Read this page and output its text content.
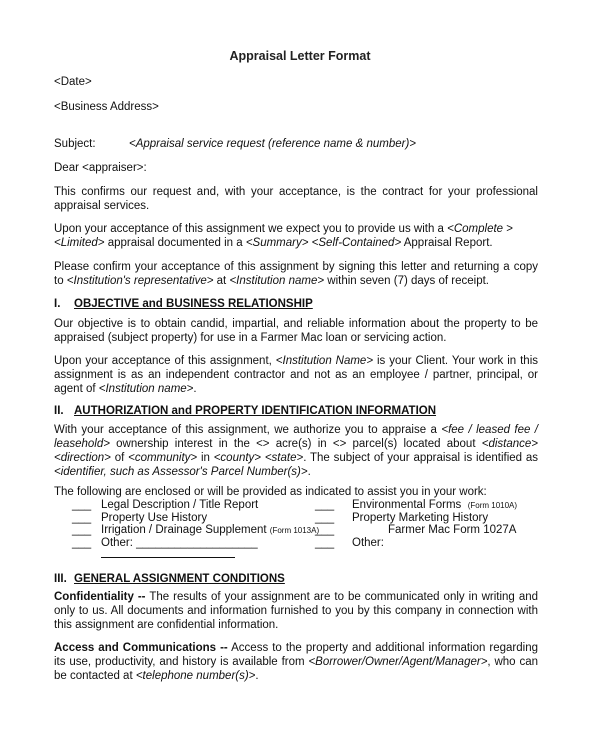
Appraisal Letter Format
<Date>
<Business Address>
Subject:	<Appraisal service request (reference name & number)>
Dear <appraiser>:
This confirms our request and, with your acceptance, is the contract for your professional appraisal services.
Upon your acceptance of this assignment we expect you to provide us with a <Complete >
<Limited> appraisal documented in a <Summary> <Self-Contained> Appraisal Report.
Please confirm your acceptance of this assignment by signing this letter and returning a copy to <Institution's representative> at <Institution name> within seven (7) days of receipt.
I. OBJECTIVE and BUSINESS RELATIONSHIP
Our objective is to obtain candid, impartial, and reliable information about the property to be appraised (subject property) for use in a Farmer Mac loan or servicing action.
Upon your acceptance of this assignment, <Institution Name> is your Client. Your work in this assignment is as an independent contractor and not as an employee / partner, principal, or agent of <Institution name>.
II. AUTHORIZATION and PROPERTY IDENTIFICATION INFORMATION
With your acceptance of this assignment, we authorize you to appraise a <fee / leased fee / leasehold> ownership interest in the <> acre(s) in <> parcel(s) located about <distance> <direction> of <community> in <county> <state>. The subject of your appraisal is identified as <identifier, such as Assessor's Parcel Number(s)>.
The following are enclosed or will be provided as indicated to assist you in your work:
___ Legal Description / Title Report
___ Property Use History
___ Irrigation / Drainage Supplement (Form 1013A)
___ Other: ___________________
___ Environmental Forms (Form 1010A)
___ Property Marketing History
___	Farmer Mac Form 1027A
___ Other:
III. GENERAL ASSIGNMENT CONDITIONS
Confidentiality -- The results of your assignment are to be communicated only in writing and only to us. All documents and information furnished to you by this company in connection with this assignment are confidential information.
Access and Communications -- Access to the property and additional information regarding its use, productivity, and history is available from <Borrower/Owner/Agent/Manager>, who can be contacted at <telephone number(s)>.
